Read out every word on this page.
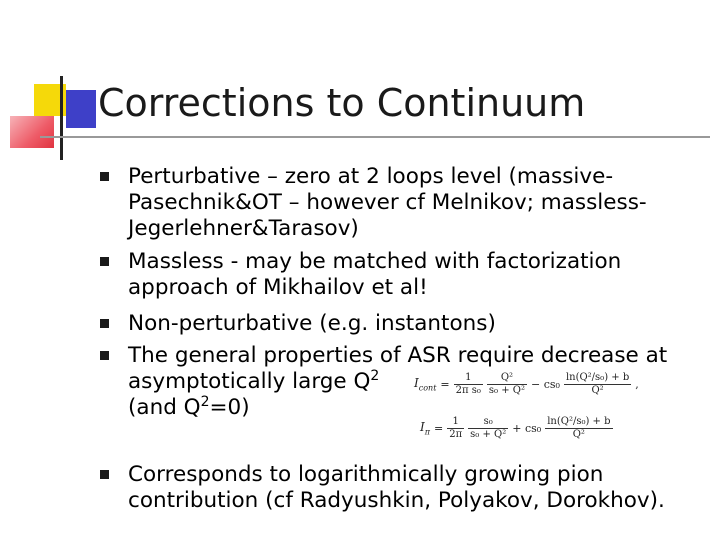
Corrections to Continuum
Perturbative – zero at 2 loops level (massive-Pasechnik&OT – however cf Melnikov; massless-Jegerlehner&Tarasov)
Massless - may be matched with factorization approach of Mikhailov et al!
Non-perturbative (e.g. instantons)
The general properties of ASR require decrease at
asymptotically large $Q^2$
(and $Q^2=0$)
$I_{cont} = \frac{1}{\text{2π s₀}} \frac{\text{Q²}}{\text{s₀ + Q²}} - cs_0 \frac{\text{ln(Q²/s₀) + b}}{\text{Q²}}$ ,
$I_\pi = \frac{1}{2\pi} \frac{\text{s₀}}{\text{s₀ + Q²}} + cs_0 \frac{\text{ln(Q²/s₀) + b}}{\text{Q²}}$
Corresponds to logarithmically growing pion contribution (cf Radyushkin, Polyakov, Dorokhov).
